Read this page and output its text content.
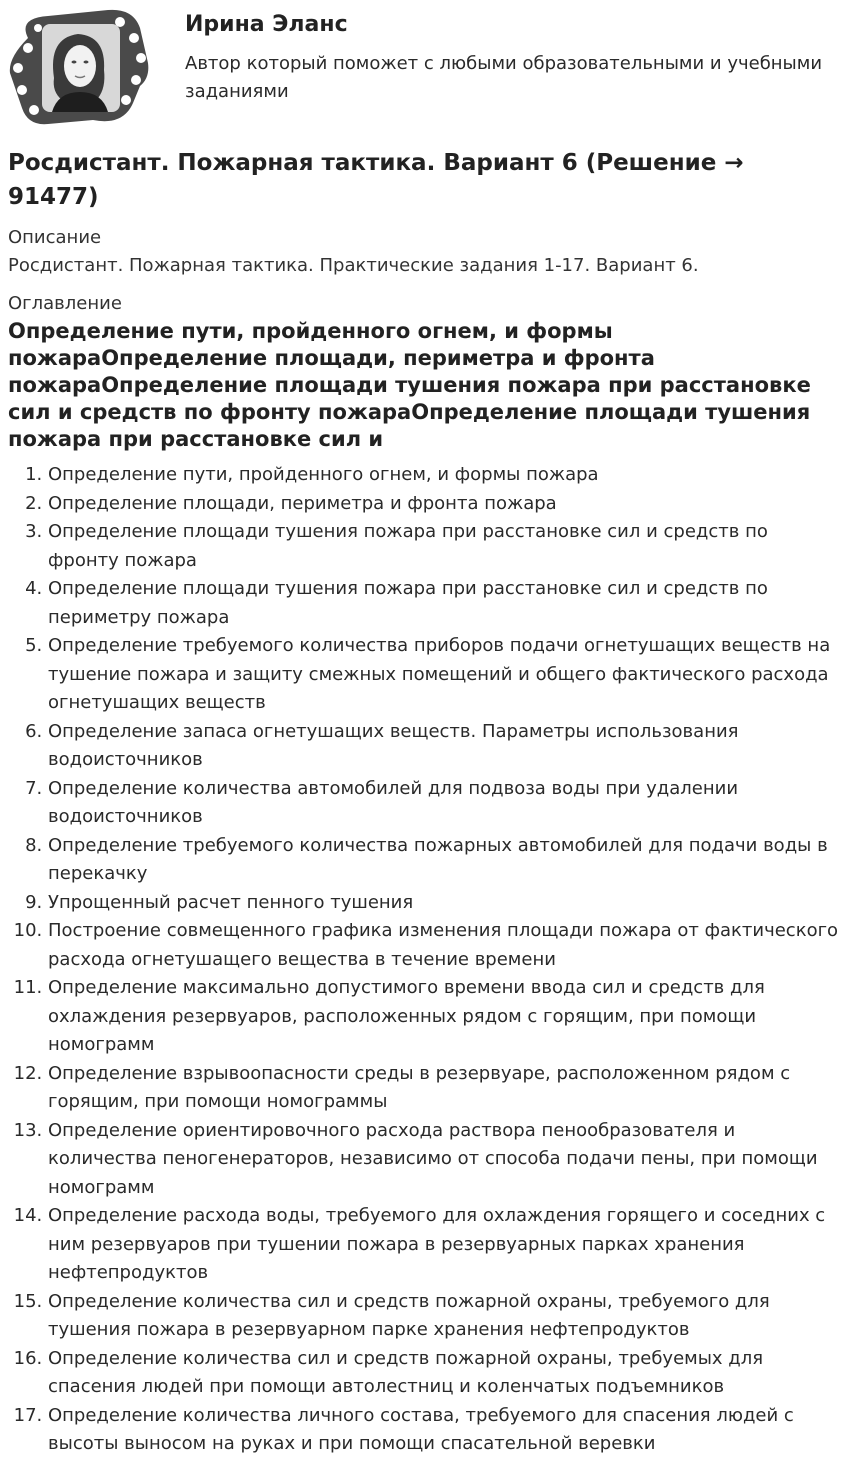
Ирина Эланс
Автор который поможет с любыми образовательными и учебными заданиями
Росдистант. Пожарная тактика. Вариант 6 (Решение → 91477)

Описание

Росдистант. Пожарная тактика. Практические задания 1-17. Вариант 6.

Оглавление

Определение пути, пройденного огнем, и формы пожараОпределение площади, периметра и фронта пожараОпределение площади тушения пожара при расстановке сил и средств по фронту пожараОпределение площади тушения пожара при расстановке сил и
1. Определение пути, пройденного огнем, и формы пожара
2. Определение площади, периметра и фронта пожара
3. Определение площади тушения пожара при расстановке сил и средств по фронту пожара
4. Определение площади тушения пожара при расстановке сил и средств по периметру пожара
5. Определение требуемого количества приборов подачи огнетушащих веществ на тушение пожара и защиту смежных помещений и общего фактического расхода огнетушащих веществ
6. Определение запаса огнетушащих веществ. Параметры использования водоисточников
7. Определение количества автомобилей для подвоза воды при удалении водоисточников
8. Определение требуемого количества пожарных автомобилей для подачи воды в перекачку
9. Упрощенный расчет пенного тушения
10. Построение совмещенного графика изменения площади пожара от фактического расхода огнетушащего вещества в течение времени
11. Определение максимально допустимого времени ввода сил и средств для охлаждения резервуаров, расположенных рядом с горящим, при помощи номограмм
12. Определение взрывоопасности среды в резервуаре, расположенном рядом с горящим, при помощи номограммы
13. Определение ориентировочного расхода раствора пенообразователя и количества пеногенераторов, независимо от способа подачи пены, при помощи номограмм
14. Определение расхода воды, требуемого для охлаждения горящего и соседних с ним резервуаров при тушении пожара в резервуарных парках хранения нефтепродуктов
15. Определение количества сил и средств пожарной охраны, требуемого для тушения пожара в резервуарном парке хранения нефтепродуктов
16. Определение количества сил и средств пожарной охраны, требуемых для спасения людей при помощи автолестниц и коленчатых подъемников
17. Определение количества личного состава, требуемого для спасения людей с высоты выносом на руках и при помощи спасательной веревки
